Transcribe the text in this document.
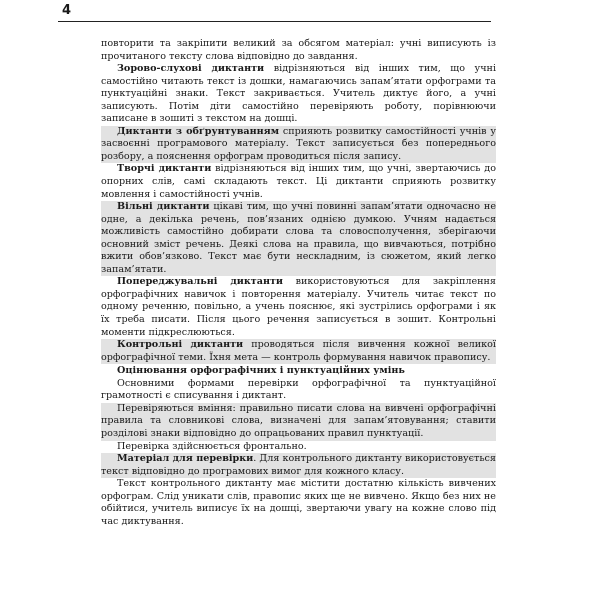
4

повторити та закріпити великий за обсягом матеріал: учні виписують із прочитаного тексту слова відповідно до завдання.

Зорово-слухові диктанти відрізняються від інших тим, що учні самостійно читають текст із дошки, намагаючись запам’ятати орфограми та пунктуаційні знаки. Текст закривається. Учитель диктує його, а учні записують. Потім діти самостійно перевіряють роботу, порівнюючи записане в зошиті з текстом на дошці.

Диктанти з обґрунтуванням сприяють розвитку самостійності учнів у засвоєнні програмового матеріалу. Текст записується без попереднього розбору, а пояснення орфограм проводиться після запису.

Творчі диктанти відрізняються від інших тим, що учні, звертаючись до опорних слів, самі складають текст. Ці диктанти сприяють розвитку мовлення і самостійності учнів.

Вільні диктанти цікаві тим, що учні повинні запам’ятати одночасно не одне, а декілька речень, пов’язаних однією думкою. Учням надається можливість самостійно добирати слова та словосполучення, зберігаючи основний зміст речень. Деякі слова на правила, що вивчаються, потрібно вжити обов’язково. Текст має бути нескладним, із сюжетом, який легко запам’ятати.

Попереджувальні диктанти використовуються для закріплення орфографічних навичок і повторення матеріалу. Учитель читає текст по одному реченню, повільно, а учень пояснює, які зустрілись орфограми і як їх треба писати. Після цього речення записується в зошит. Контрольні моменти підкреслюються.

Контрольні диктанти проводяться після вивчення кожної великої орфографічної теми. Їхня мета — контроль формування навичок правопису.

Оцінювання орфографічних і пунктуаційних умінь

Основними формами перевірки орфографічної та пунктуаційної грамотності є списування і диктант.

Перевіряються вміння: правильно писати слова на вивчені орфографічні правила та словникові слова, визначені для запам’ятовування; ставити розділові знаки відповідно до опрацьованих правил пунктуації.

Перевірка здійснюється фронтально.

Матеріал для перевірки. Для контрольного диктанту використовується текст відповідно до програмових вимог для кожного класу.

Текст контрольного диктанту має містити достатню кількість вивчених орфограм. Слід уникати слів, правопис яких ще не вивчено. Якщо без них не обійтися, учитель виписує їх на дошці, звертаючи увагу на кожне слово під час диктування.
